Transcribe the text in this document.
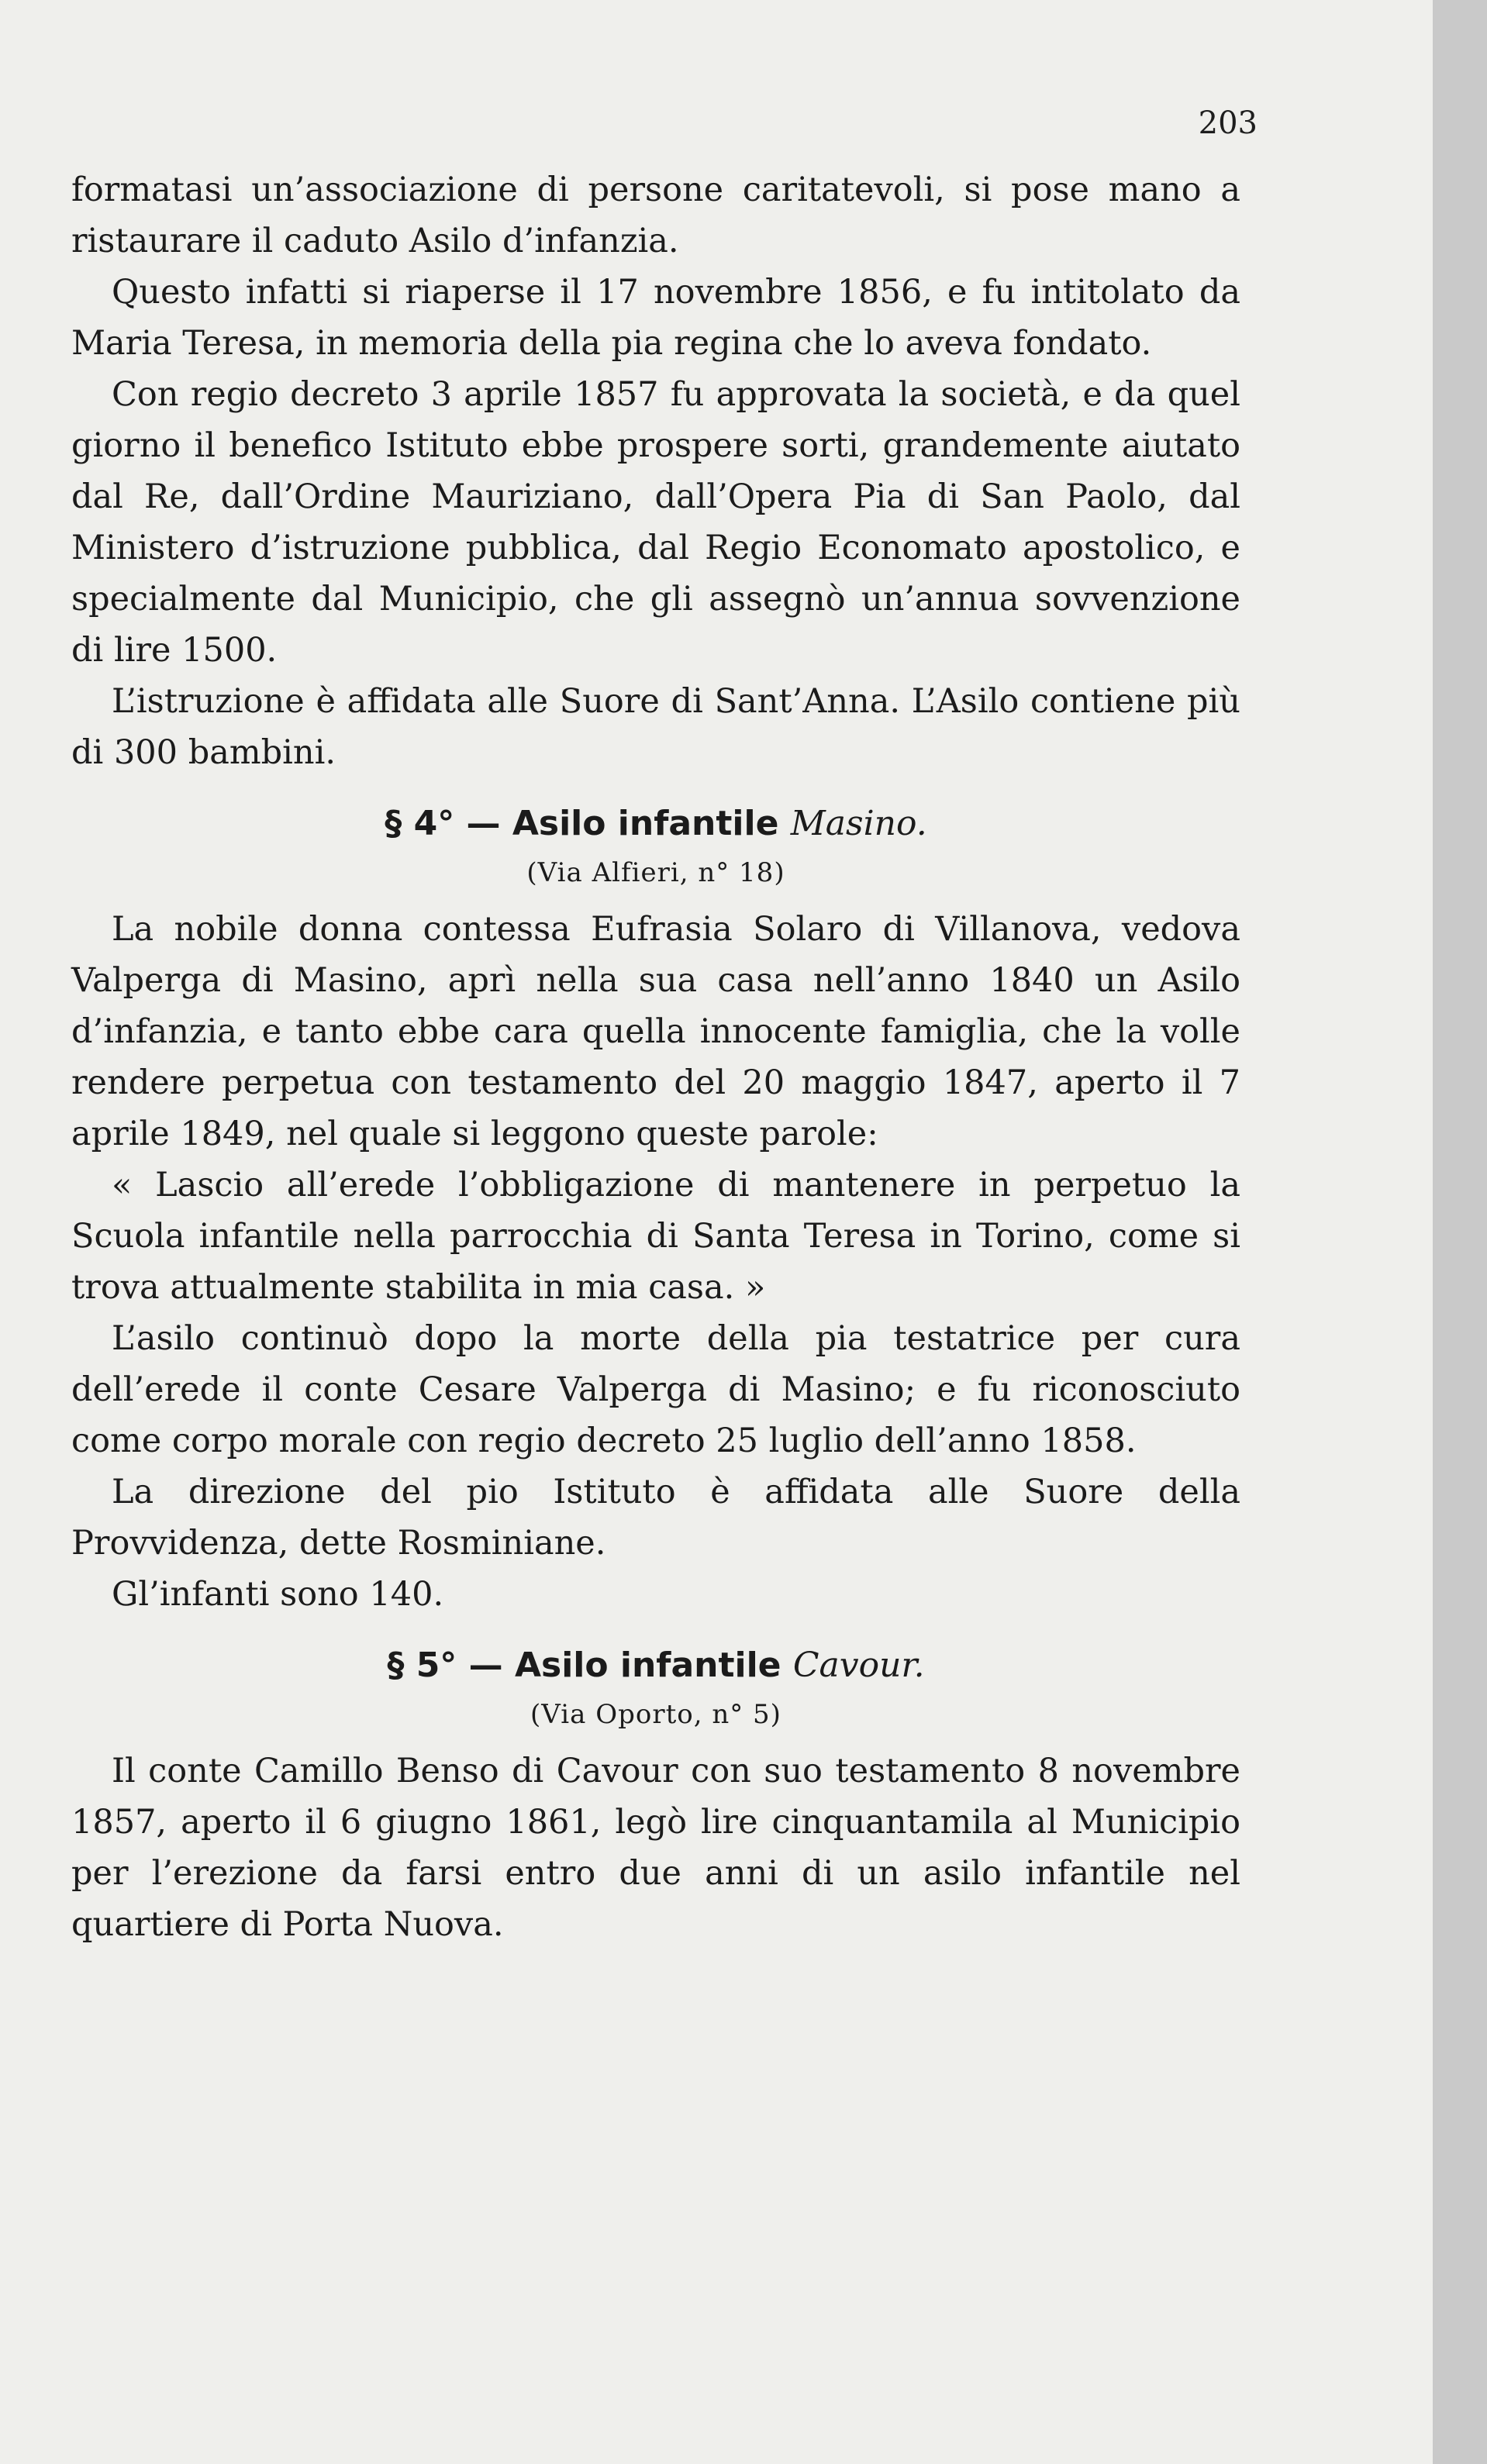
203

formatasi un’associazione di persone caritatevoli, si pose mano a ristaurare il caduto Asilo d’infanzia.

Questo infatti si riaperse il 17 novembre 1856, e fu intitolato da Maria Teresa, in memoria della pia regina che lo aveva fondato.

Con regio decreto 3 aprile 1857 fu approvata la società, e da quel giorno il benefico Istituto ebbe prospere sorti, grandemente aiutato dal Re, dall’Ordine Mauriziano, dall’Opera Pia di San Paolo, dal Ministero d’istruzione pubblica, dal Regio Economato apostolico, e specialmente dal Municipio, che gli assegnò un’annua sovvenzione di lire 1500.

L’istruzione è affidata alle Suore di Sant’Anna. L’Asilo contiene più di 300 bambini.

§ 4° — Asilo infantile Masino.
(Via Alfieri, n° 18)

La nobile donna contessa Eufrasia Solaro di Villanova, vedova Valperga di Masino, aprì nella sua casa nell’anno 1840 un Asilo d’infanzia, e tanto ebbe cara quella innocente famiglia, che la volle rendere perpetua con testamento del 20 maggio 1847, aperto il 7 aprile 1849, nel quale si leggono queste parole:

« Lascio all’erede l’obbligazione di mantenere in perpetuo la Scuola infantile nella parrocchia di Santa Teresa in Torino, come si trova attualmente stabilita in mia casa. »

L’asilo continuò dopo la morte della pia testatrice per cura dell’erede il conte Cesare Valperga di Masino; e fu riconosciuto come corpo morale con regio decreto 25 luglio dell’anno 1858.

La direzione del pio Istituto è affidata alle Suore della Provvidenza, dette Rosminiane.

Gl’infanti sono 140.

§ 5° — Asilo infantile Cavour.
(Via Oporto, n° 5)

Il conte Camillo Benso di Cavour con suo testamento 8 novembre 1857, aperto il 6 giugno 1861, legò lire cinquantamila al Municipio per l’erezione da farsi entro due anni di un asilo infantile nel quartiere di Porta Nuova.
